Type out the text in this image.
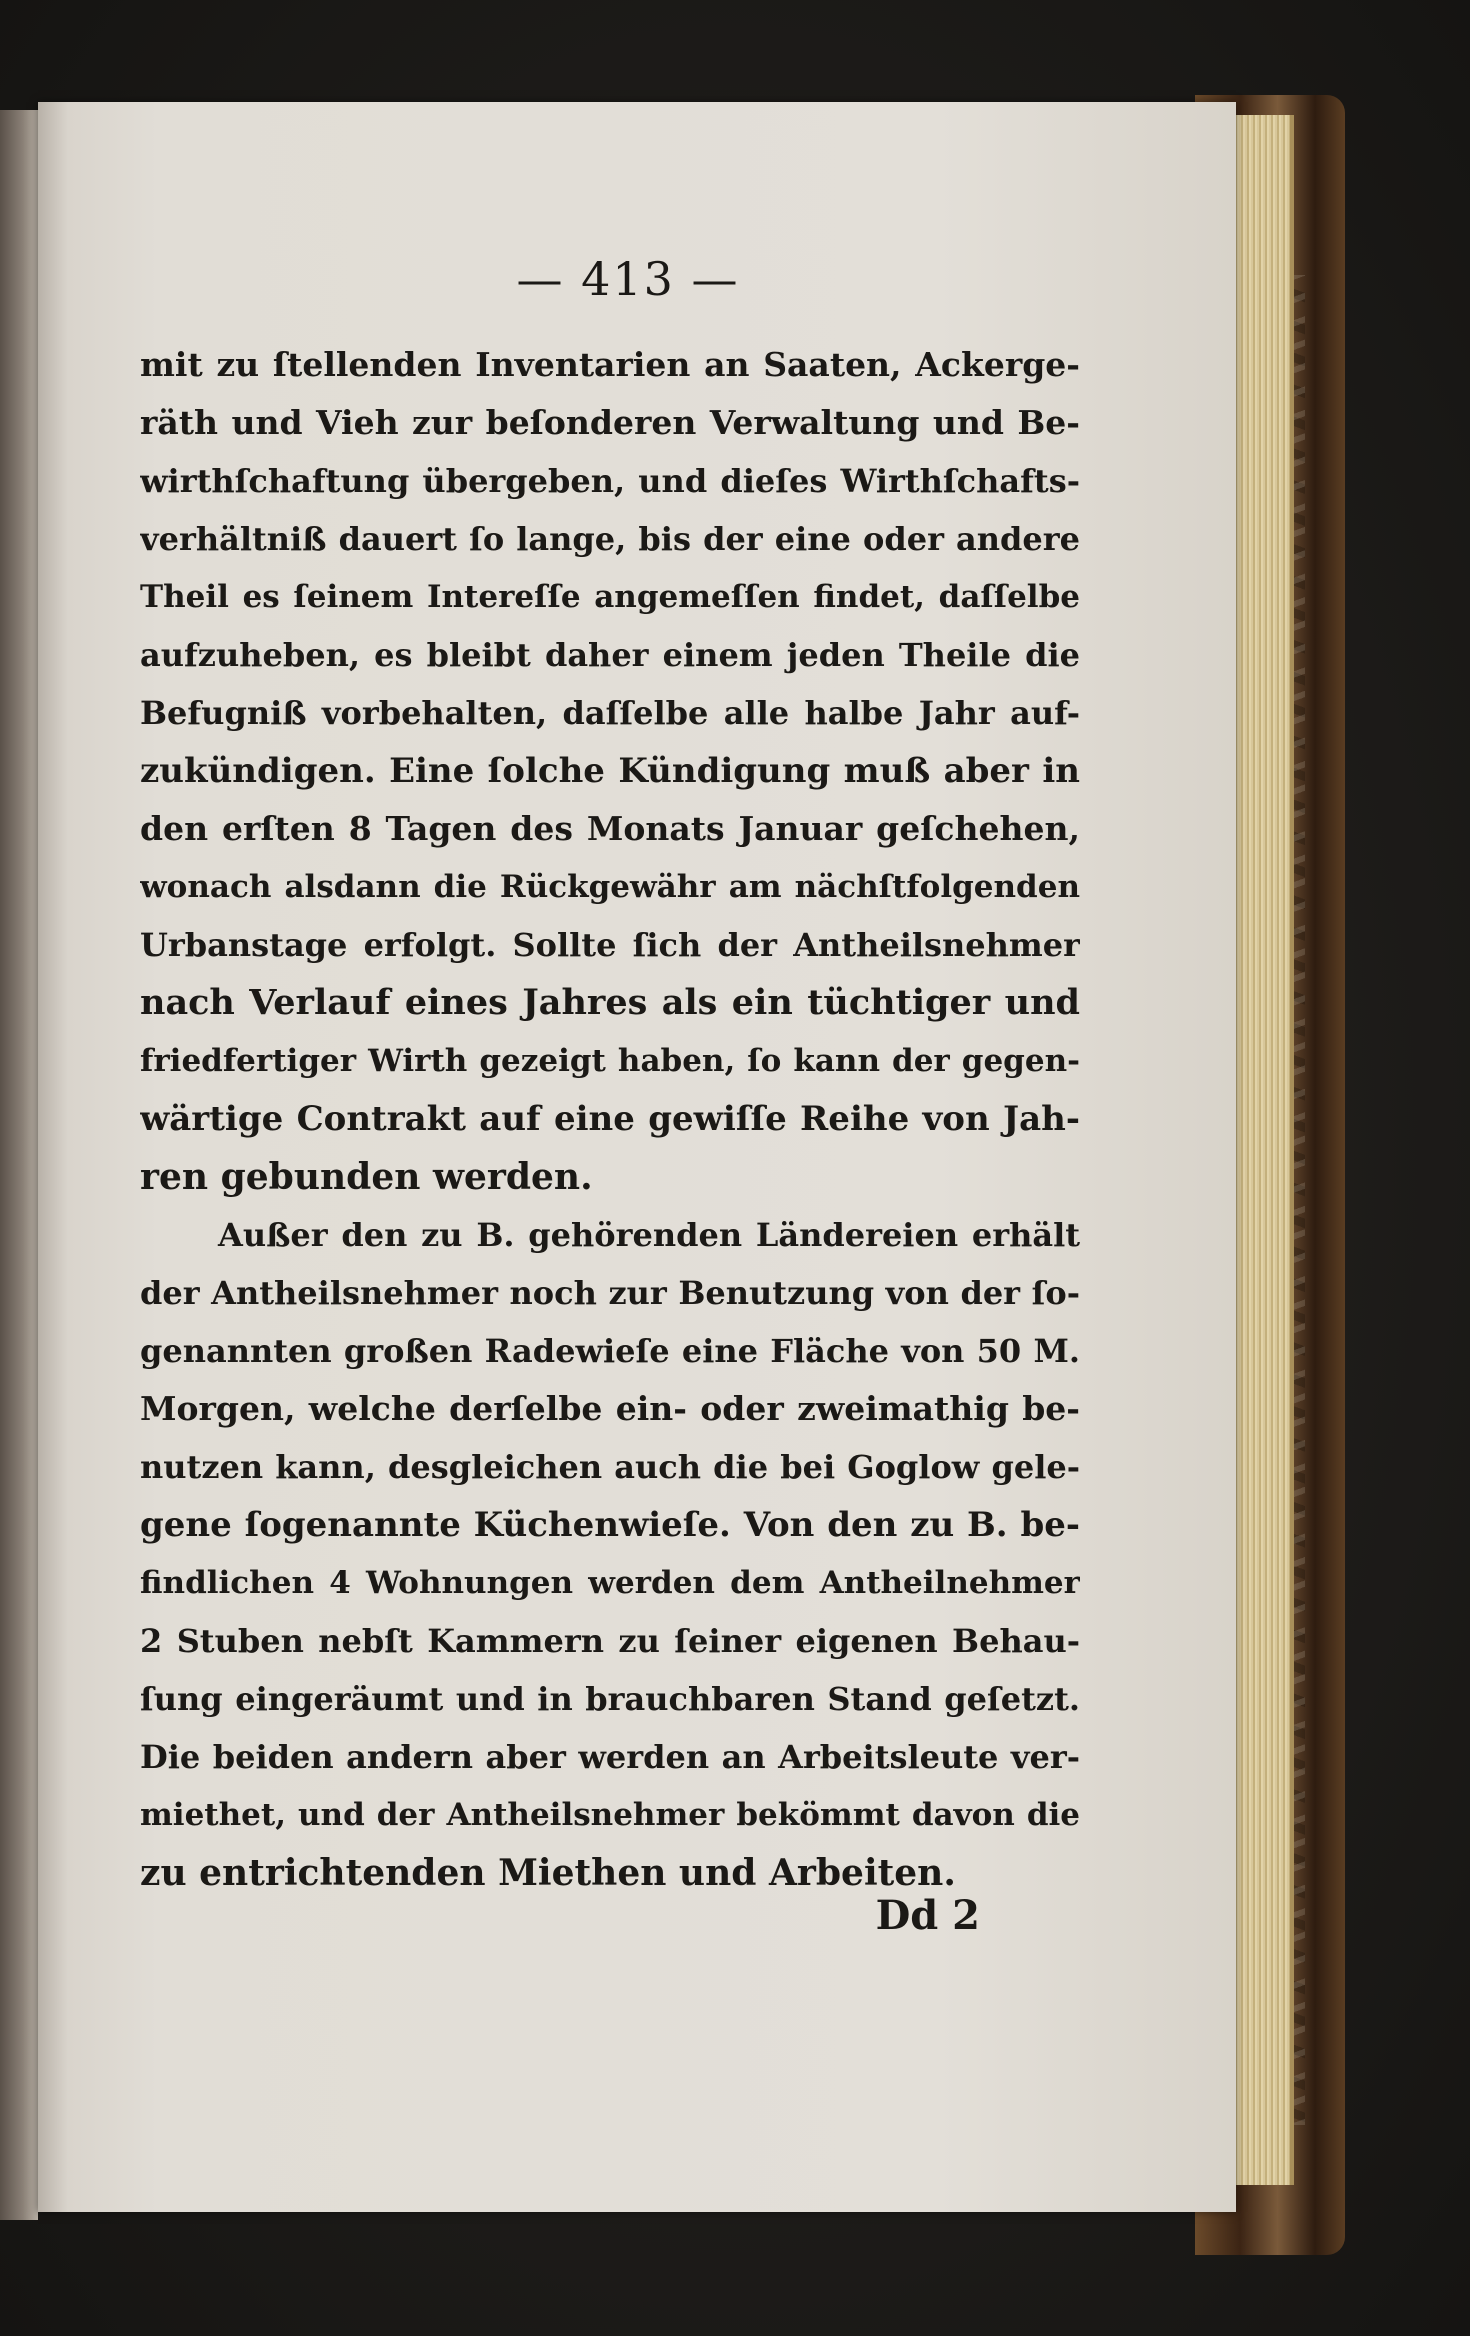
— 413 —
mit zu ſtellenden Inventarien an Saaten, Ackerge-
räth und Vieh zur beſonderen Verwaltung und Be-
wirthſchaftung übergeben, und dieſes Wirthſchafts-
verhältniß dauert ſo lange, bis der eine oder andere
Theil es ſeinem Intereſſe angemeſſen findet, daſſelbe
aufzuheben, es bleibt daher einem jeden Theile die
Befugniß vorbehalten, daſſelbe alle halbe Jahr auf-
zukündigen. Eine ſolche Kündigung muß aber in
den erſten 8 Tagen des Monats Januar geſchehen,
wonach alsdann die Rückgewähr am nächſtfolgenden
Urbanstage erfolgt. Sollte ſich der Antheilsnehmer
nach Verlauf eines Jahres als ein tüchtiger und
friedfertiger Wirth gezeigt haben, ſo kann der gegen-
wärtige Contrakt auf eine gewiſſe Reihe von Jah-
ren gebunden werden.
Außer den zu B. gehörenden Ländereien erhält
der Antheilsnehmer noch zur Benutzung von der ſo-
genannten großen Radewieſe eine Fläche von 50 M.
Morgen, welche derſelbe ein- oder zweimathig be-
nutzen kann, desgleichen auch die bei Goglow gele-
gene ſogenannte Küchenwieſe. Von den zu B. be-
findlichen 4 Wohnungen werden dem Antheilnehmer
2 Stuben nebſt Kammern zu ſeiner eigenen Behau-
ſung eingeräumt und in brauchbaren Stand geſetzt.
Die beiden andern aber werden an Arbeitsleute ver-
miethet, und der Antheilsnehmer bekömmt davon die
zu entrichtenden Miethen und Arbeiten.
Dd 2
